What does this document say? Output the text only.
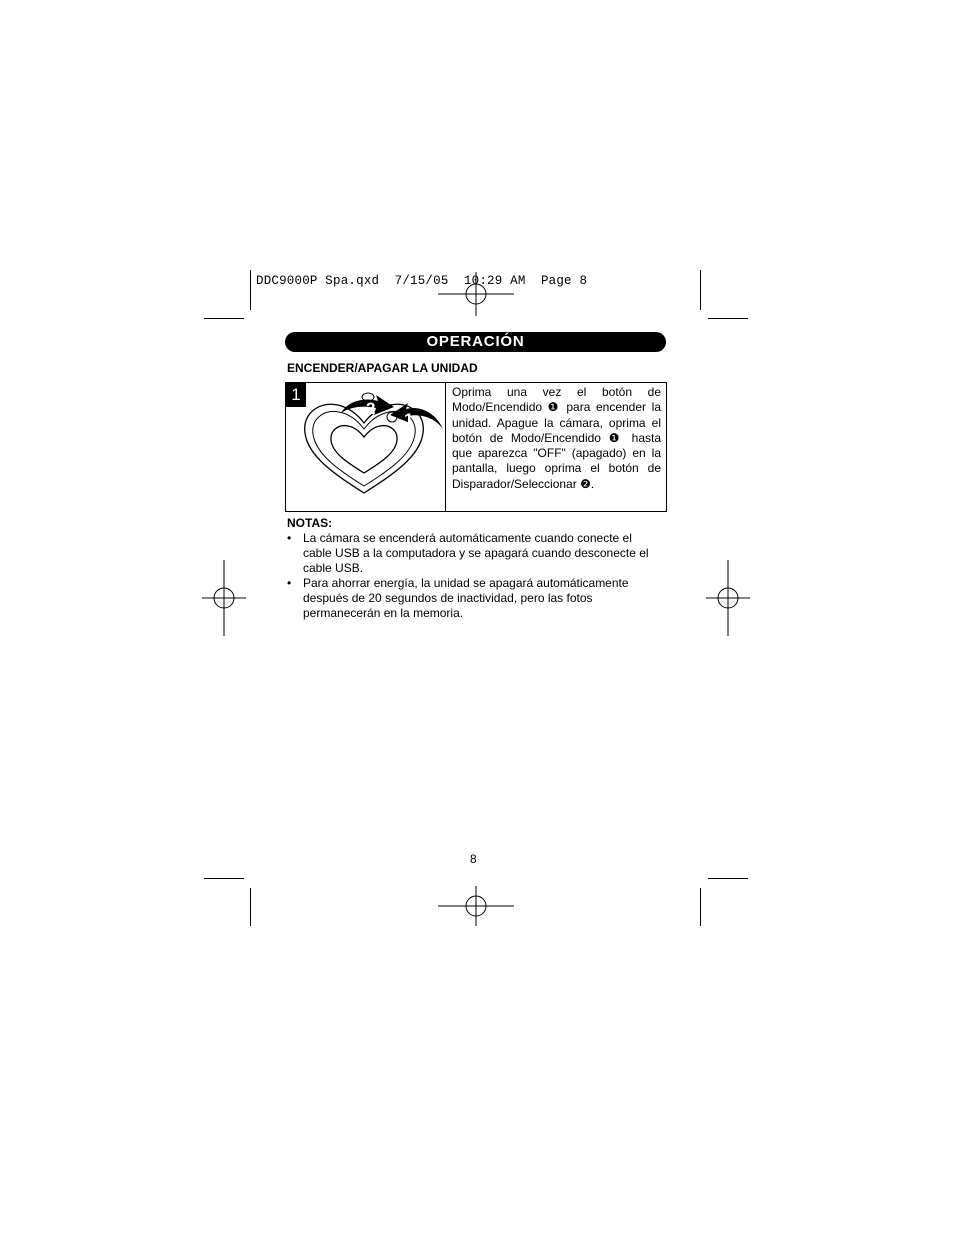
DDC9000P Spa.qxd  7/15/05  10:29 AM  Page 8
OPERACIÓN
ENCENDER/APAGAR LA UNIDAD
1
2
1
Oprima una vez el botón de Modo/Encendido ❶ para encender la unidad. Apague la cámara, oprima el botón de Modo/Encendido ❶ hasta que aparezca "OFF" (apagado) en la pantalla, luego oprima el botón de Disparador/Seleccionar ❷.
NOTAS:
• La cámara se encenderá automáticamente cuando conecte el cable USB a la computadora y se apagará cuando desconecte el cable USB.
• Para ahorrar energía, la unidad se apagará automáticamente después de 20 segundos de inactividad, pero las fotos permanecerán en la memoria.
8
